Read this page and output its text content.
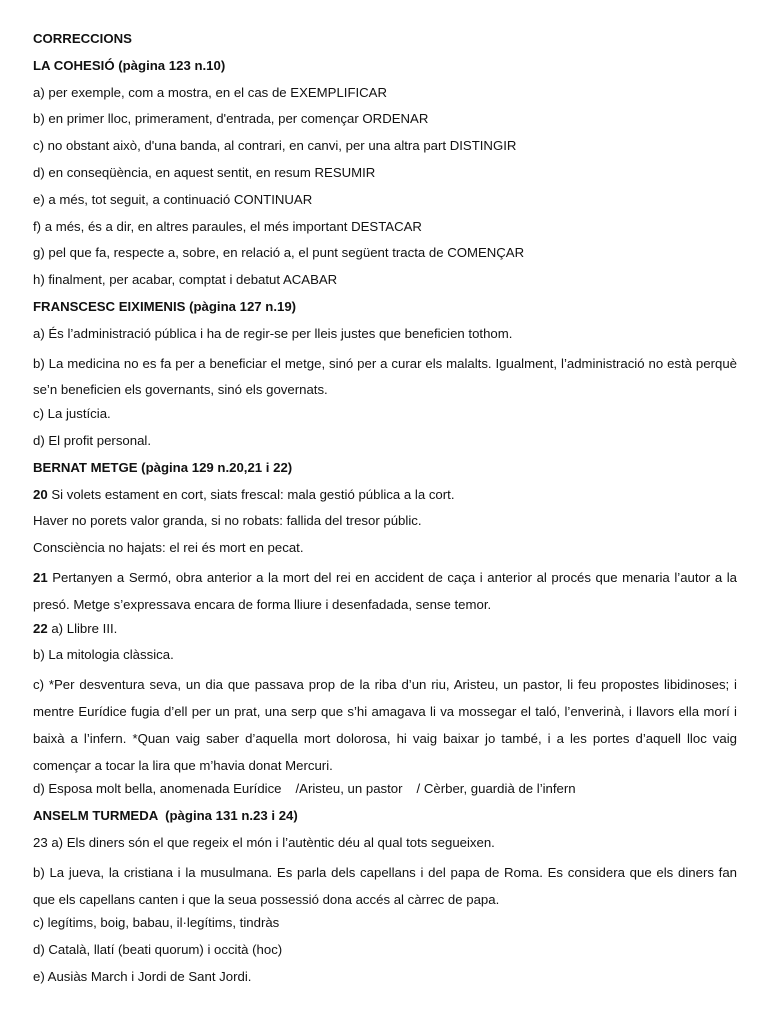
CORRECCIONS
LA COHESIÓ (pàgina 123 n.10)
a) per exemple, com a mostra, en el cas de EXEMPLIFICAR
b) en primer lloc, primerament, d'entrada, per començar ORDENAR
c) no obstant això, d'una banda, al contrari, en canvi, per una altra part DISTINGIR
d) en conseqüència, en aquest sentit, en resum RESUMIR
e) a més, tot seguit, a continuació CONTINUAR
f) a més, és a dir, en altres paraules, el més important DESTACAR
g) pel que fa, respecte a, sobre, en relació a, el punt següent tracta de COMENÇAR
h) finalment, per acabar, comptat i debatut ACABAR
FRANSCESC EIXIMENIS (pàgina 127 n.19)
a) És l’administració pública i ha de regir-se per lleis justes que beneficien tothom.
b) La medicina no es fa per a beneficiar el metge, sinó per a curar els malalts. Igualment, l’administració no està perquè se’n beneficien els governants, sinó els governats.
c) La justícia.
d) El profit personal.
BERNAT METGE (pàgina 129 n.20,21 i 22)
20 Si volets estament en cort, siats frescal: mala gestió pública a la cort.
Haver no porets valor granda, si no robats: fallida del tresor públic.
Consciència no hajats: el rei és mort en pecat.
21 Pertanyen a Sermó, obra anterior a la mort del rei en accident de caça i anterior al procés que menaria l’autor a la presó. Metge s’expressava encara de forma lliure i desenfadada, sense temor.
22 a) Llibre III.
b) La mitologia clàssica.
c) *Per desventura seva, un dia que passava prop de la riba d’un riu, Aristeu, un pastor, li feu propostes libidinoses; i mentre Eurídice fugia d’ell per un prat, una serp que s’hi amagava li va mossegar el taló, l’enverinà, i llavors ella morí i baixà a l’infern. *Quan vaig saber d’aquella mort dolorosa, hi vaig baixar jo també, i a les portes d’aquell lloc vaig començar a tocar la lira que m’havia donat Mercuri.
d) Esposa molt bella, anomenada Eurídice /Aristeu, un pastor / Cèrber, guardià de l’infern
ANSELM TURMEDA  (pàgina 131 n.23 i 24)
23 a) Els diners són el que regeix el món i l’autèntic déu al qual tots segueixen.
b) La jueva, la cristiana i la musulmana. Es parla dels capellans i del papa de Roma. Es considera que els diners fan que els capellans canten i que la seua possessió dona accés al càrrec de papa.
c) legítims, boig, babau, il·legítims, tindràs
d) Català, llatí (beati quorum) i occità (hoc)
e) Ausiàs March i Jordi de Sant Jordi.
